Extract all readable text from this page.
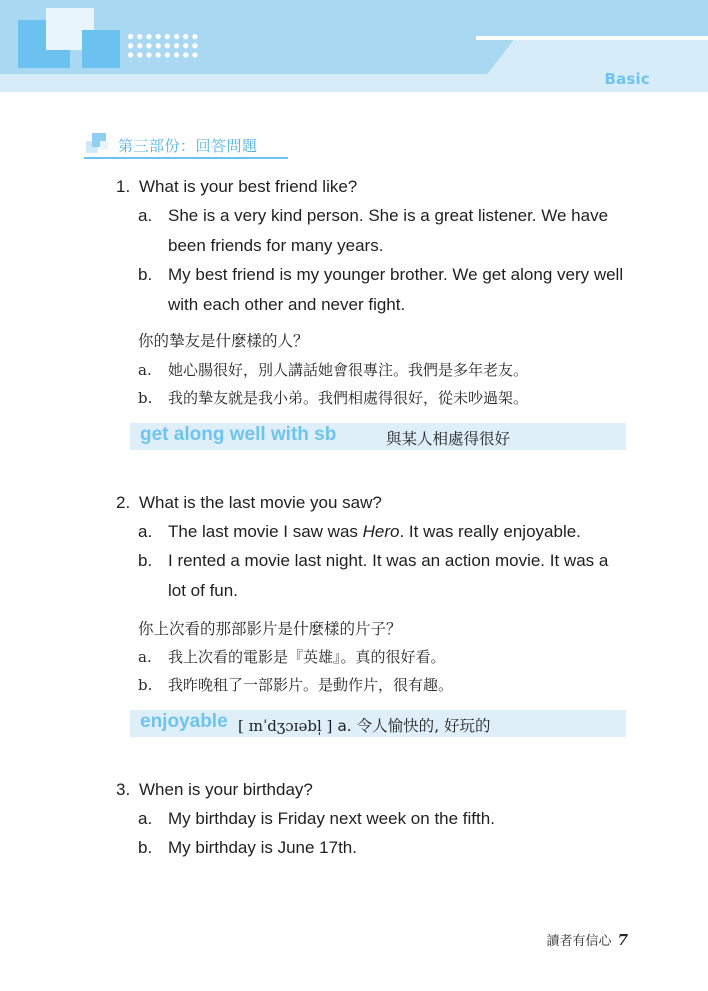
Basic
第三部份：回答問題
1. What is your best friend like?
a. She is a very kind person. She is a great listener. We have been friends for many years.
b. My best friend is my younger brother. We get along very well with each other and never fight.
你的摯友是什麼樣的人？
a. 她心腸很好，別人講話她會很專注。我們是多年老友。
b. 我的摯友就是我小弟。我們相處得很好，從未吵過架。
get along well with sb	與某人相處得很好
2. What is the last movie you saw?
a. The last movie I saw was Hero. It was really enjoyable.
b. I rented a movie last night. It was an action movie. It was a lot of fun.
你上次看的那部影片是什麼樣的片子？
a. 我上次看的電影是『英雄』。真的很好看。
b. 我昨晚租了一部影片。是動作片，很有趣。
enjoyable [ ɪnˈdʒɔɪəbl̩ ] a. 令人愉快的, 好玩的
3. When is your birthday?
a. My birthday is Friday next week on the fifth.
b. My birthday is June 17th.
讀者有信心 7
